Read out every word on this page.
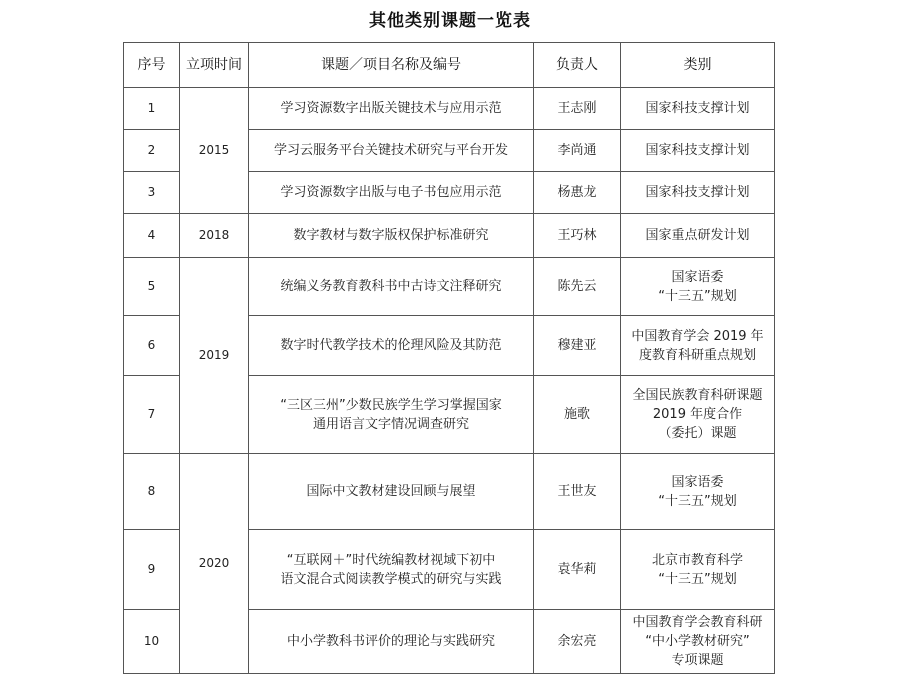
其他类别课题一览表
序号	立项时间	课题／项目名称及编号	负责人	类别
1	2015	学习资源数字出版关键技术与应用示范	王志刚	国家科技支撑计划
2		学习云服务平台关键技术研究与平台开发	李尚通	国家科技支撑计划
3		学习资源数字出版与电子书包应用示范	杨惠龙	国家科技支撑计划
4	2018	数字教材与数字版权保护标准研究	王巧林	国家重点研发计划
5	2019	统编义务教育教科书中古诗文注释研究	陈先云	国家语委
“十三五”规划
6		数字时代教学技术的伦理风险及其防范	穆建亚	中国教育学会 2019 年
度教育科研重点规划
7		“三区三州”少数民族学生学习掌握国家
通用语言文字情况调查研究	施歌	全国民族教育科研课题
2019 年度合作
（委托）课题
8	2020	国际中文教材建设回顾与展望	王世友	国家语委
“十三五”规划
9		“互联网＋”时代统编教材视域下初中
语文混合式阅读教学模式的研究与实践	袁华莉	北京市教育科学
“十三五”规划
10		中小学教科书评价的理论与实践研究	余宏亮	中国教育学会教育科研
“中小学教材研究”
专项课题
